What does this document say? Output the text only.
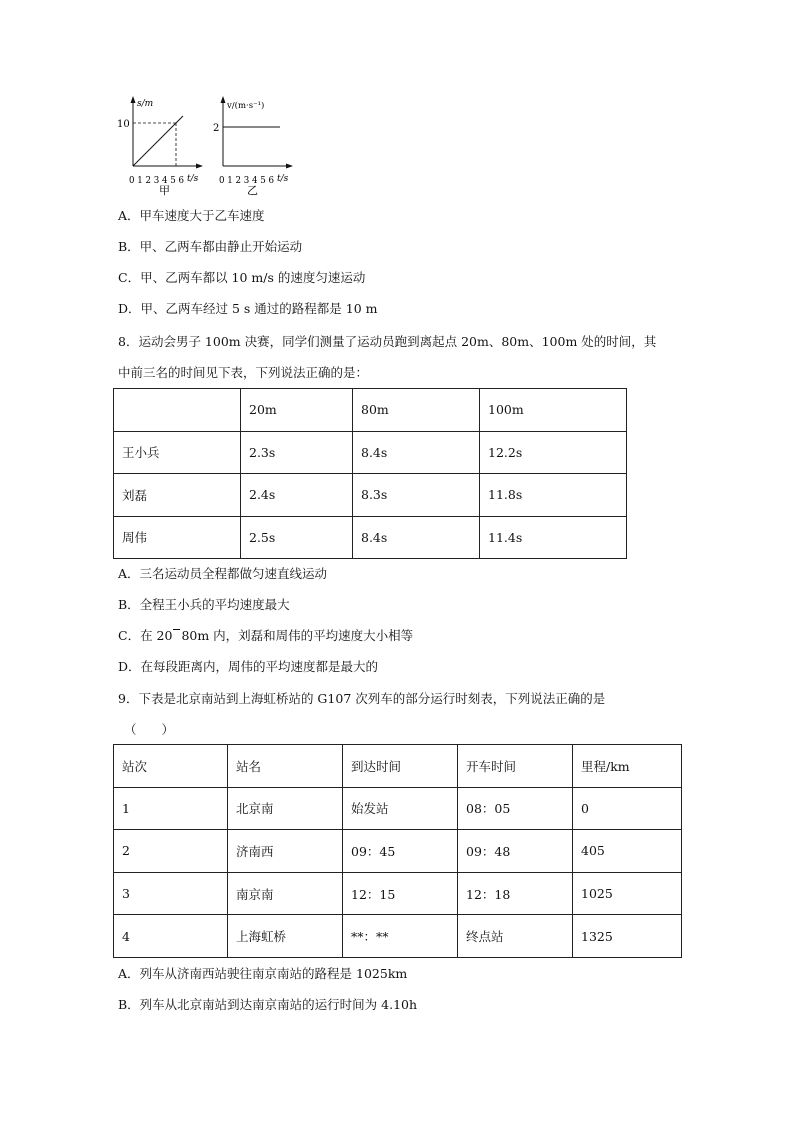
s/m
10
0 1 2 3 4 5 6 t/s
甲
v/(m·s⁻¹)
2
0 1 2 3 4 5 6 t/s
乙
A．甲车速度大于乙车速度
B．甲、乙两车都由静止开始运动
C．甲、乙两车都以 10 m/s 的速度匀速运动
D．甲、乙两车经过 5 s 通过的路程都是 10 m
8．运动会男子 100m 决赛，同学们测量了运动员跑到离起点 20m、80m、100m 处的时间，其
中前三名的时间见下表，下列说法正确的是：
	20m	80m	100m
王小兵	2.3s	8.4s	12.2s
刘磊	2.4s	8.3s	11.8s
周伟	2.5s	8.4s	11.4s
A．三名运动员全程都做匀速直线运动
B．全程王小兵的平均速度最大
C．在 20 80m 内，刘磊和周伟的平均速度大小相等
D．在每段距离内，周伟的平均速度都是最大的
9．下表是北京南站到上海虹桥站的 G107 次列车的部分运行时刻表，下列说法正确的是
（　　）
站次	站名	到达时间	开车时间	里程/km
1	北京南	始发站	08：05	0
2	济南西	09：45	09：48	405
3	南京南	12：15	12：18	1025
4	上海虹桥	**：**	终点站	1325
A．列车从济南西站驶往南京南站的路程是 1025km
B．列车从北京南站到达南京南站的运行时间为 4.10h
